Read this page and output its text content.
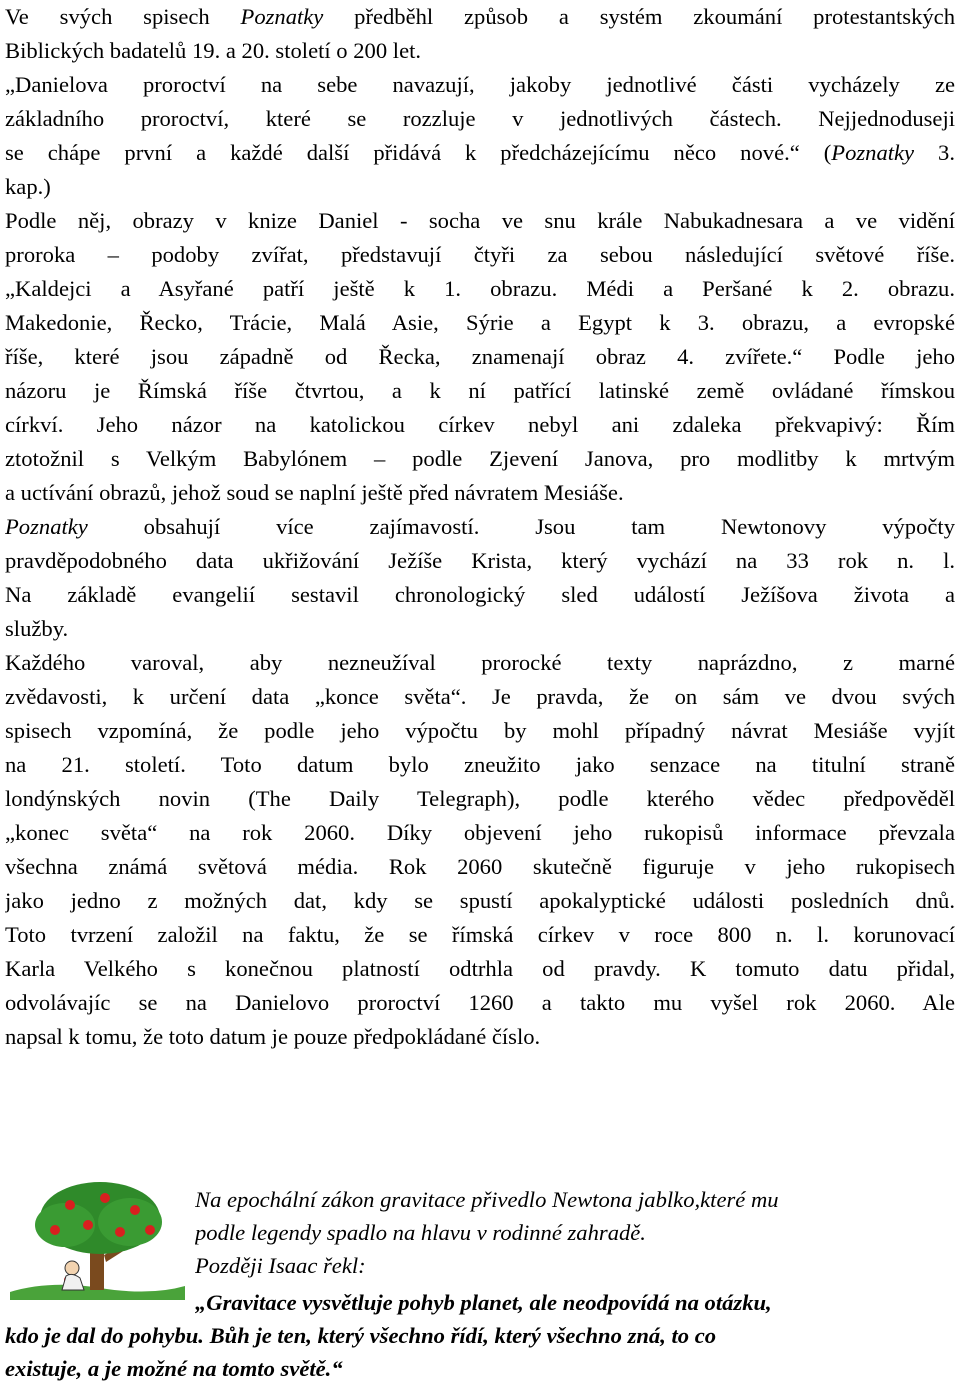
Ve svých spisech Poznatky předběhl způsob a systém zkoumání protestantských
Biblických badatelů 19. a 20. století o 200 let.
„Danielova proroctví na sebe navazují, jakoby jednotlivé části vycházely ze
základního proroctví, které se rozzluje v jednotlivých částech. Nejjednoduseji
se chápe první a každé další přidává k předcházejícímu něco nové.“ (Poznatky 3.
kap.)
Podle něj, obrazy v knize Daniel - socha ve snu krále Nabukadnesara a ve vidění
proroka – podoby zvířat, představují čtyři za sebou následující světové říše.
„Kaldejci a Asyřané patří ještě k 1. obrazu. Médi a Peršané k 2. obrazu.
Makedonie, Řecko, Trácie, Malá Asie, Sýrie a Egypt k 3. obrazu, a evropské
říše, které jsou západně od Řecka, znamenají obraz 4. zvířete.“ Podle jeho
názoru je Římská říše čtvrtou, a k ní patřící latinské země ovládané římskou
církví. Jeho názor na katolickou církev nebyl ani zdaleka překvapivý: Řím
ztotožnil s Velkým Babylónem – podle Zjevení Janova, pro modlitby k mrtvým
a uctívání obrazů, jehož soud se naplní ještě před návratem Mesiáše.
Poznatky obsahují více zajímavostí. Jsou tam Newtonovy výpočty
pravděpodobného data ukřižování Ježíše Krista, který vychází na 33 rok n. l.
Na základě evangelií sestavil chronologický sled událostí Ježíšova života a
služby.
Každého varoval, aby nezneužíval prorocké texty naprázdno, z marné
zvědavosti, k určení data „konce světa“. Je pravda, že on sám ve dvou svých
spisech vzpomíná, že podle jeho výpočtu by mohl případný návrat Mesiáše vyjít
na 21. století. Toto datum bylo zneužito jako senzace na titulní straně
londýnských novin (The Daily Telegraph), podle kterého vědec předpověděl
„konec světa“ na rok 2060. Díky objevení jeho rukopisů informace převzala
všechna známá světová média. Rok 2060 skutečně figuruje v jeho rukopisech
jako jedno z možných dat, kdy se spustí apokalyptické události posledních dnů.
Toto tvrzení založil na faktu, že se římská církev v roce 800 n. l. korunovací
Karla Velkého s konečnou platností odtrhla od pravdy. K tomuto datu přidal,
odvolávajíc se na Danielovo proroctví 1260 a takto mu vyšel rok 2060. Ale
napsal k tomu, že toto datum je pouze předpokládané číslo.
Na epochální zákon gravitace přivedlo Newtona jablko,které mu
podle legendy spadlo na hlavu v rodinné zahradě.
Později Isaac řekl:
„Gravitace vysvětluje pohyb planet, ale neodpovídá na otázku,
kdo je dal do pohybu. Bůh je ten, který všechno řídí, který všechno zná, to co
existuje, a je možné na tomto světě.“
